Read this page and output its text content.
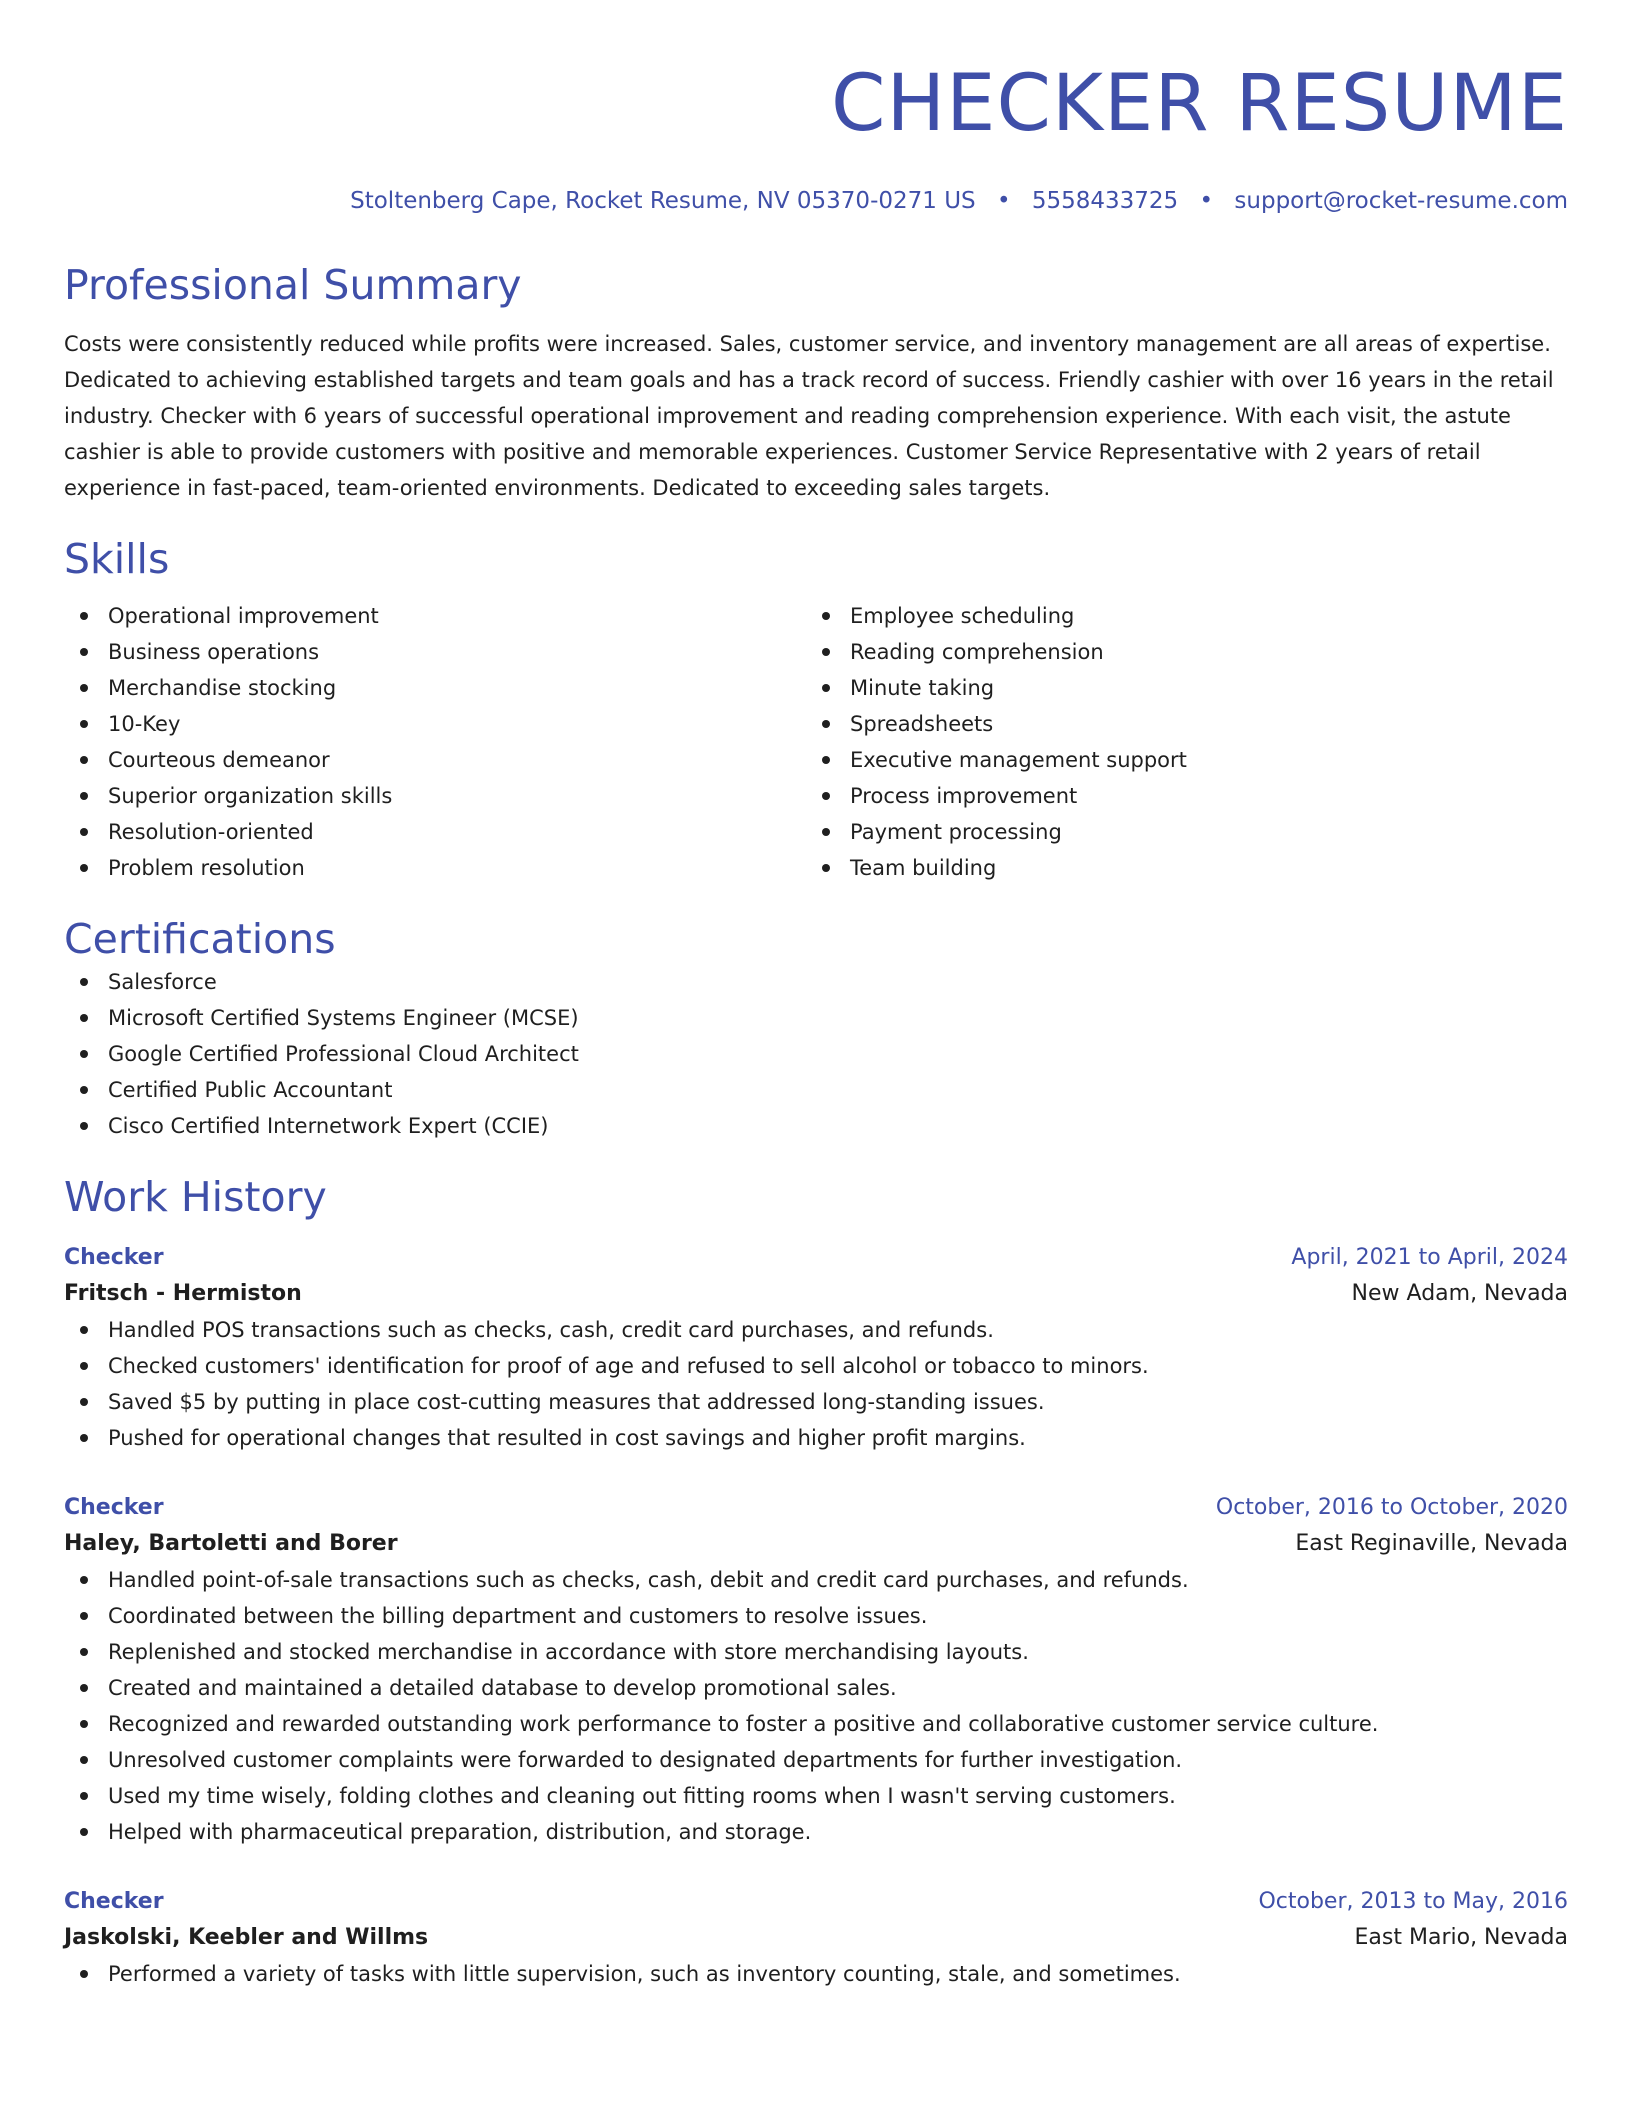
CHECKER RESUME
Stoltenberg Cape, Rocket Resume, NV 05370-0271 US • 5558433725 • support@rocket-resume.com
Professional Summary
Costs were consistently reduced while profits were increased. Sales, customer service, and inventory management are all areas of expertise. Dedicated to achieving established targets and team goals and has a track record of success. Friendly cashier with over 16 years in the retail industry. Checker with 6 years of successful operational improvement and reading comprehension experience. With each visit, the astute cashier is able to provide customers with positive and memorable experiences. Customer Service Representative with 2 years of retail experience in fast-paced, team-oriented environments. Dedicated to exceeding sales targets.
Skills
Operational improvement
Business operations
Merchandise stocking
10-Key
Courteous demeanor
Superior organization skills
Resolution-oriented
Problem resolution
Employee scheduling
Reading comprehension
Minute taking
Spreadsheets
Executive management support
Process improvement
Payment processing
Team building
Certifications
Salesforce
Microsoft Certified Systems Engineer (MCSE)
Google Certified Professional Cloud Architect
Certified Public Accountant
Cisco Certified Internetwork Expert (CCIE)
Work History
Checker	April, 2021 to April, 2024
Fritsch - Hermiston	New Adam, Nevada
Handled POS transactions such as checks, cash, credit card purchases, and refunds.
Checked customers' identification for proof of age and refused to sell alcohol or tobacco to minors.
Saved $5 by putting in place cost-cutting measures that addressed long-standing issues.
Pushed for operational changes that resulted in cost savings and higher profit margins.
Checker	October, 2016 to October, 2020
Haley, Bartoletti and Borer	East Reginaville, Nevada
Handled point-of-sale transactions such as checks, cash, debit and credit card purchases, and refunds.
Coordinated between the billing department and customers to resolve issues.
Replenished and stocked merchandise in accordance with store merchandising layouts.
Created and maintained a detailed database to develop promotional sales.
Recognized and rewarded outstanding work performance to foster a positive and collaborative customer service culture.
Unresolved customer complaints were forwarded to designated departments for further investigation.
Used my time wisely, folding clothes and cleaning out fitting rooms when I wasn't serving customers.
Helped with pharmaceutical preparation, distribution, and storage.
Checker	October, 2013 to May, 2016
Jaskolski, Keebler and Willms	East Mario, Nevada
Performed a variety of tasks with little supervision, such as inventory counting, stale, and sometimes.
